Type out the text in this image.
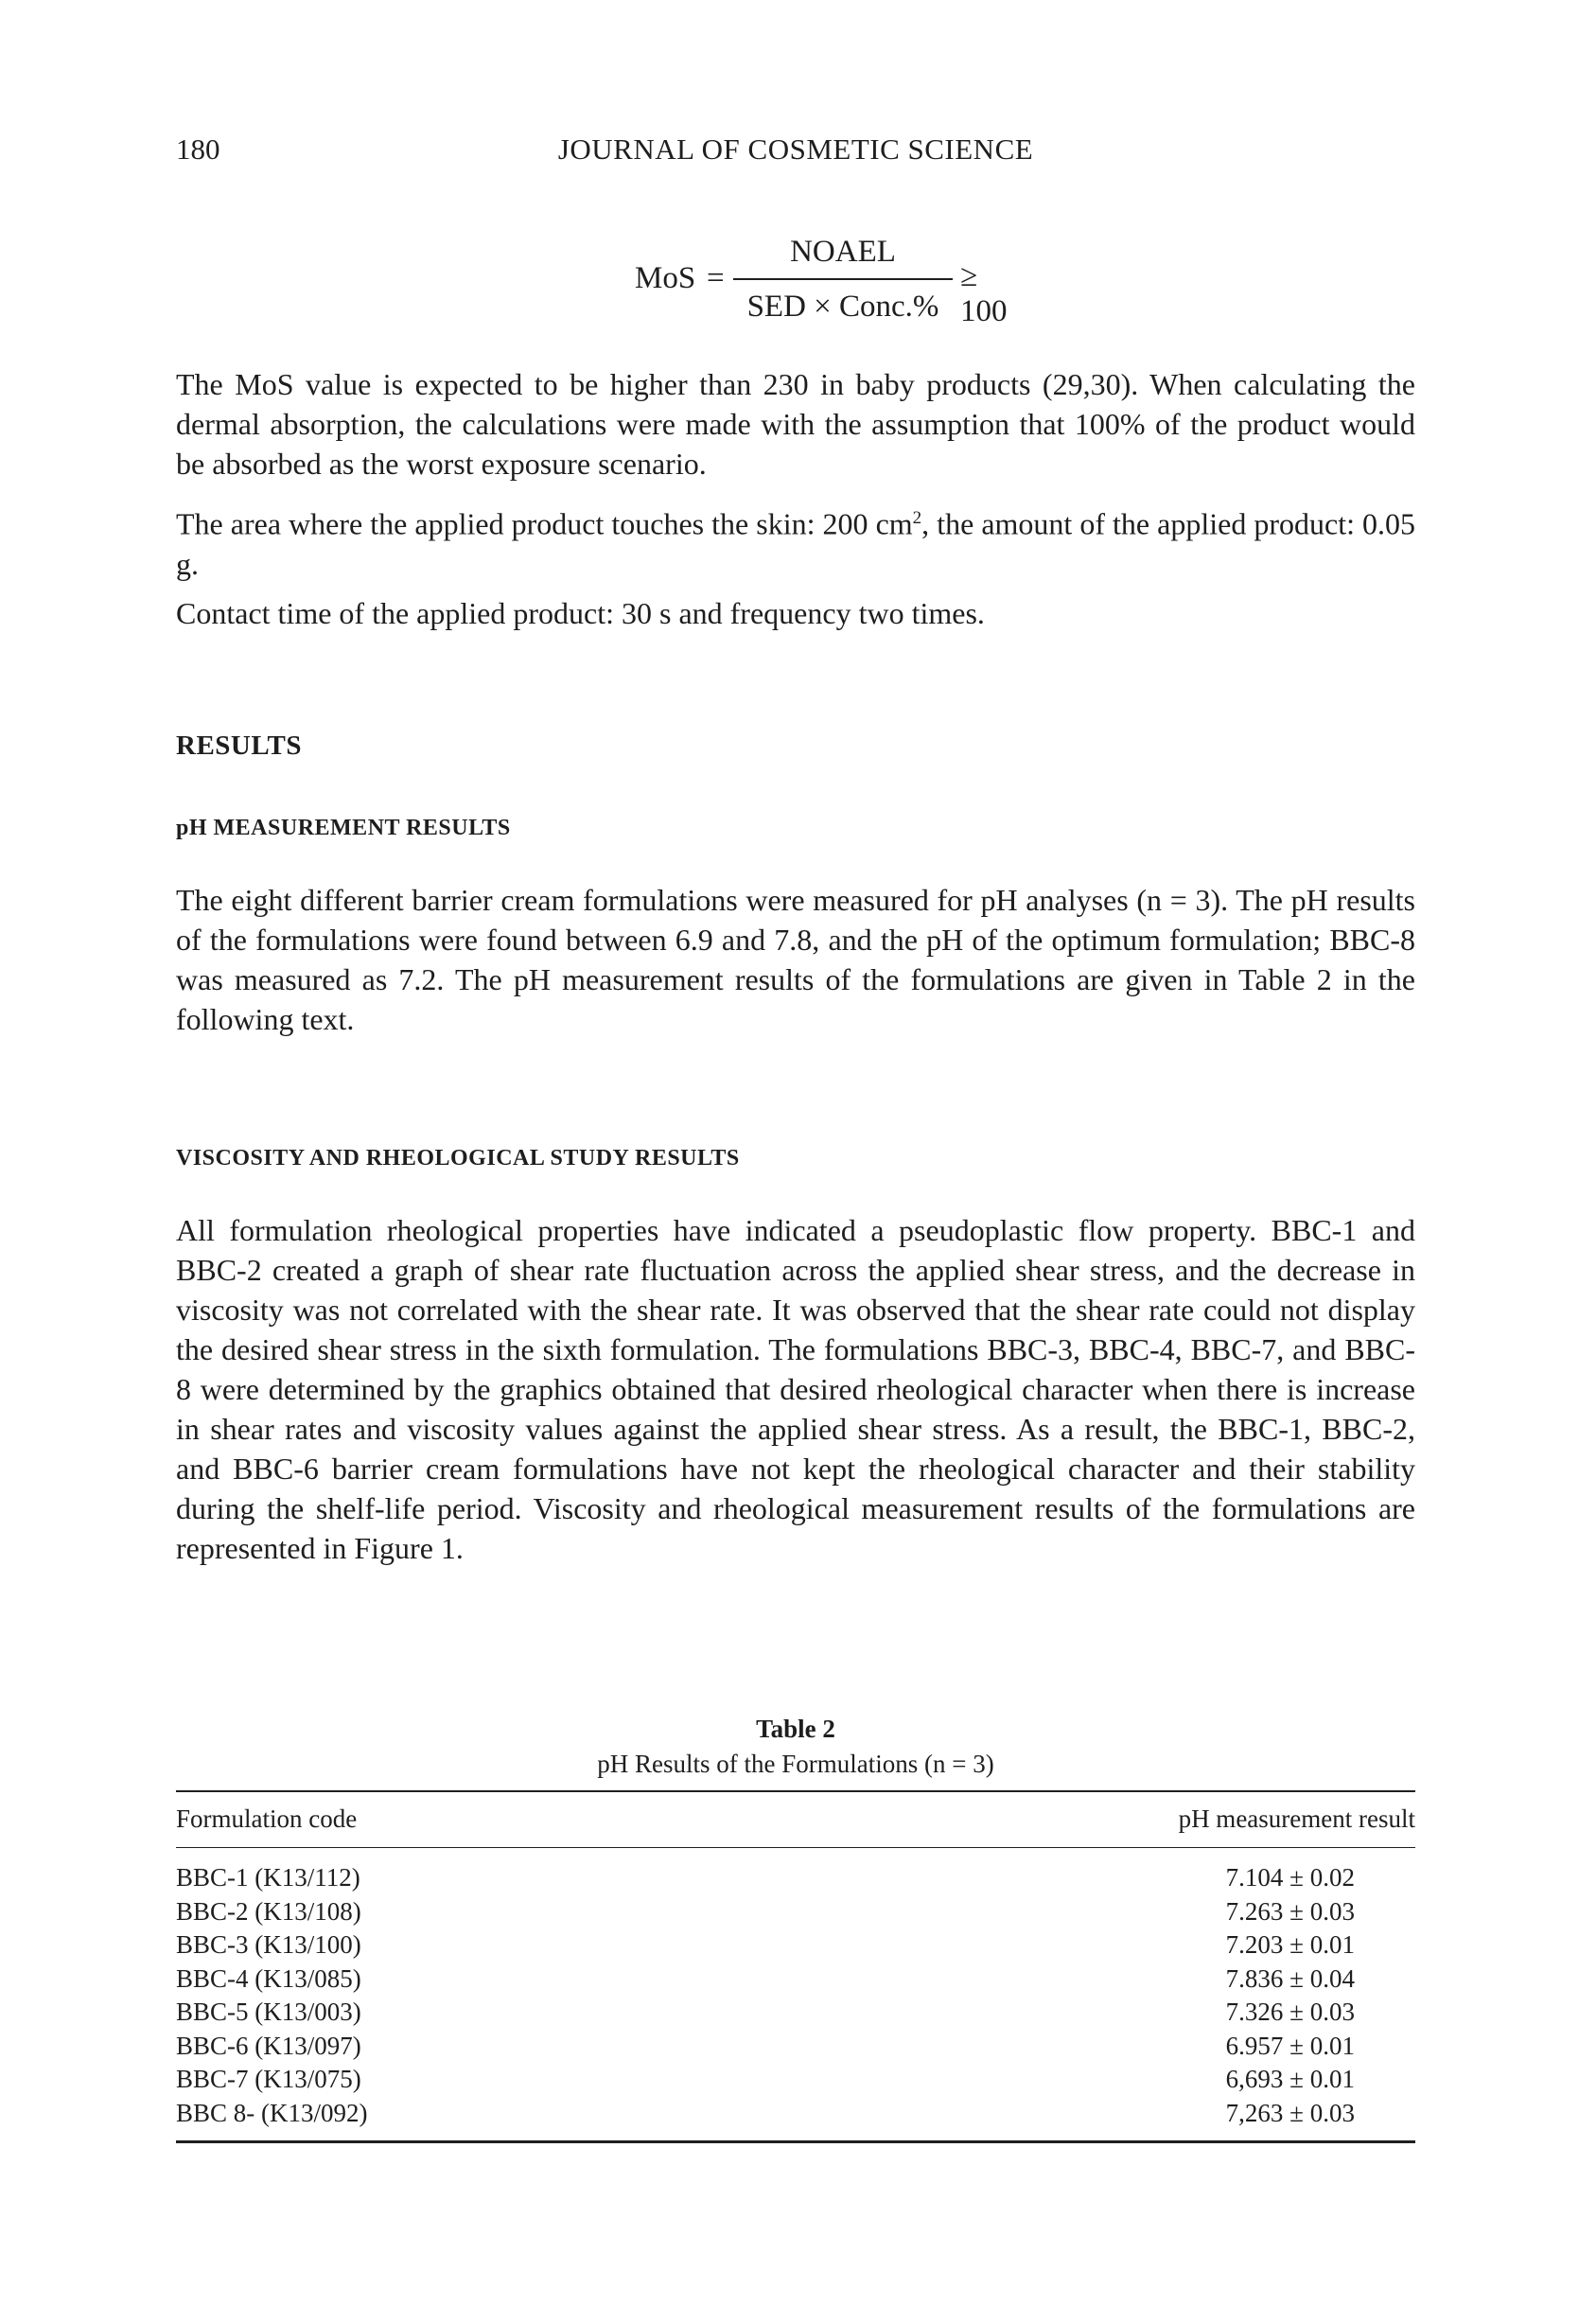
180	JOURNAL OF COSMETIC SCIENCE
MoS =
NOAEL
SED × Conc.%
≥ 100

The MoS value is expected to be higher than 230 in baby products (29,30). When calculating the dermal absorption, the calculations were made with the assumption that 100% of the product would be absorbed as the worst exposure scenario.

The area where the applied product touches the skin: 200 $cm^2$, the amount of the applied product: 0.05 g.

Contact time of the applied product: 30 s and frequency two times.

RESULTS
pH MEASUREMENT RESULTS

The eight different barrier cream formulations were measured for pH analyses (n = 3). The pH results of the formulations were found between 6.9 and 7.8, and the pH of the optimum formulation; BBC-8 was measured as 7.2. The pH measurement results of the formulations are given in Table 2 in the following text.

VISCOSITY AND RHEOLOGICAL STUDY RESULTS

All formulation rheological properties have indicated a pseudoplastic flow property. BBC-1 and BBC-2 created a graph of shear rate fluctuation across the applied shear stress, and the decrease in viscosity was not correlated with the shear rate. It was observed that the shear rate could not display the desired shear stress in the sixth formulation. The formulations BBC-3, BBC-4, BBC-7, and BBC-8 were determined by the graphics obtained that desired rheological character when there is increase in shear rates and viscosity values against the applied shear stress. As a result, the BBC-1, BBC-2, and BBC-6 barrier cream formulations have not kept the rheological character and their stability during the shelf-life period. Viscosity and rheological measurement results of the formulations are represented in Figure 1.

Table 2
pH Results of the Formulations (n = 3)
Formulation code	pH measurement result
BBC-1 (K13/112)	7.104 ± 0.02
BBC-2 (K13/108)	7.263 ± 0.03
BBC-3 (K13/100)	7.203 ± 0.01
BBC-4 (K13/085)	7.836 ± 0.04
BBC-5 (K13/003)	7.326 ± 0.03
BBC-6 (K13/097)	6.957 ± 0.01
BBC-7 (K13/075)	6,693 ± 0.01
BBC 8- (K13/092)	7,263 ± 0.03
